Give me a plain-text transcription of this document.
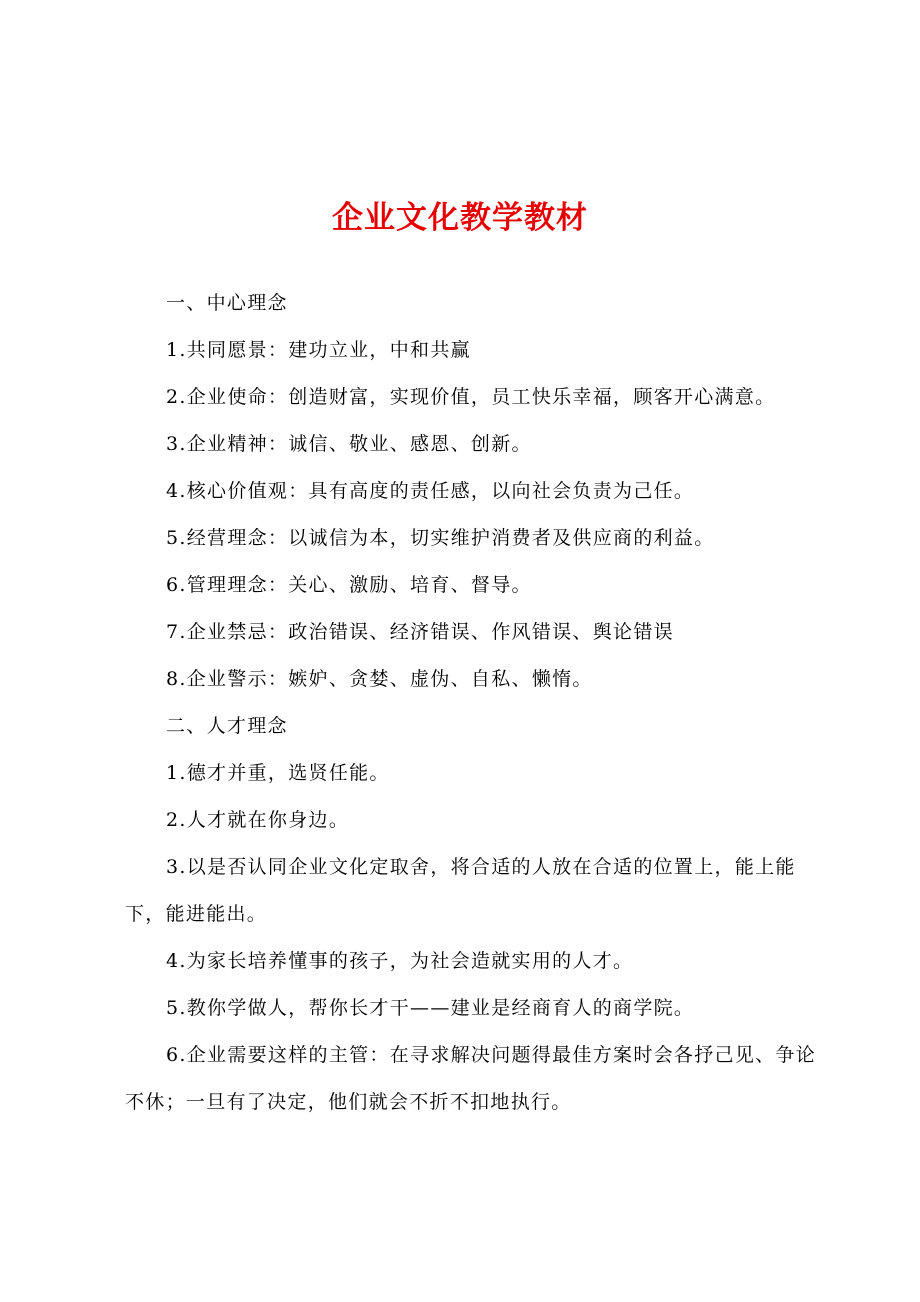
企业文化教学教材

一、中心理念

1.共同愿景：建功立业，中和共赢

2.企业使命：创造财富，实现价值，员工快乐幸福，顾客开心满意。

3.企业精神：诚信、敬业、感恩、创新。

4.核心价值观：具有高度的责任感，以向社会负责为己任。

5.经营理念：以诚信为本，切实维护消费者及供应商的利益。

6.管理理念：关心、激励、培育、督导。

7.企业禁忌：政治错误、经济错误、作风错误、舆论错误

8.企业警示：嫉妒、贪婪、虚伪、自私、懒惰。

二、人才理念

1.德才并重，选贤任能。

2.人才就在你身边。

3.以是否认同企业文化定取舍，将合适的人放在合适的位置上，能上能下，能进能出。

4.为家长培养懂事的孩子，为社会造就实用的人才。

5.教你学做人，帮你长才干——建业是经商育人的商学院。

6.企业需要这样的主管：在寻求解决问题得最佳方案时会各抒己见、争论不休；一旦有了决定，他们就会不折不扣地执行。
